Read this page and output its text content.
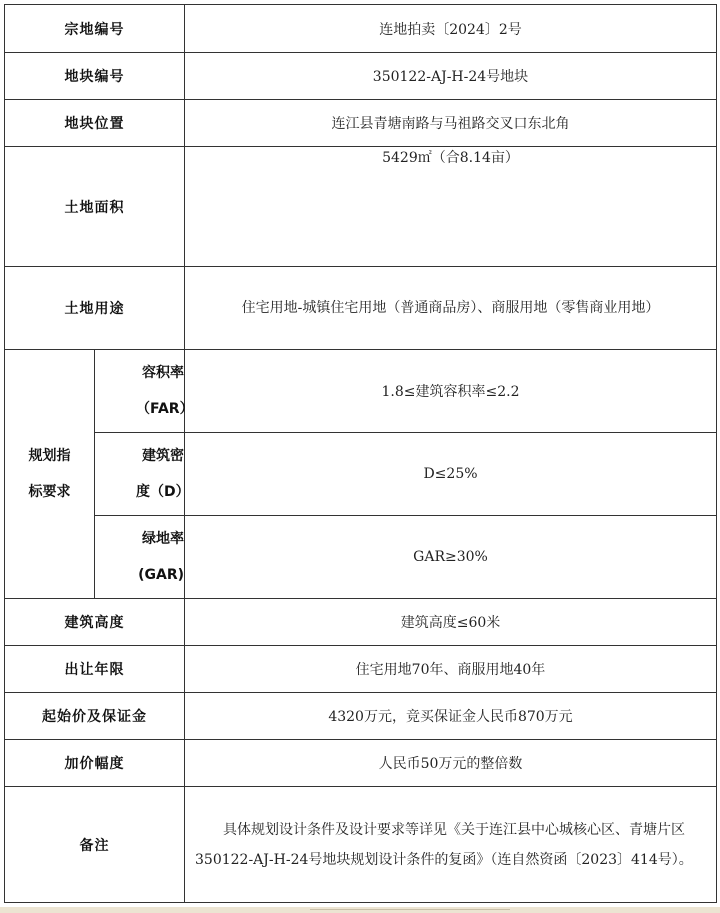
宗地编号		连地拍卖〔2024〕2号
地块编号		350122-AJ-H-24号地块
地块位置		连江县青塘南路与马祖路交叉口东北角
土地面积		5429㎡（合8.14亩）
土地用途		住宅用地-城镇住宅用地（普通商品房）、商服用地（零售商业用地）

规划指标要求	容积率（FAR）	1.8≤建筑容积率≤2.2

	建筑密度（D）	D≤25%

	绿地率(GAR)	GAR≥30%
建筑高度		建筑高度≤60米
出让年限		住宅用地70年、商服用地40年
起始价及保证金		4320万元，竞买保证金人民币870万元
加价幅度		人民币50万元的整倍数
备注		具体规划设计条件及设计要求等详见《关于连江县中心城核心区、青塘片区350122-AJ-H-24号地块规划设计条件的复函》（连自然资函〔2023〕414号）。
